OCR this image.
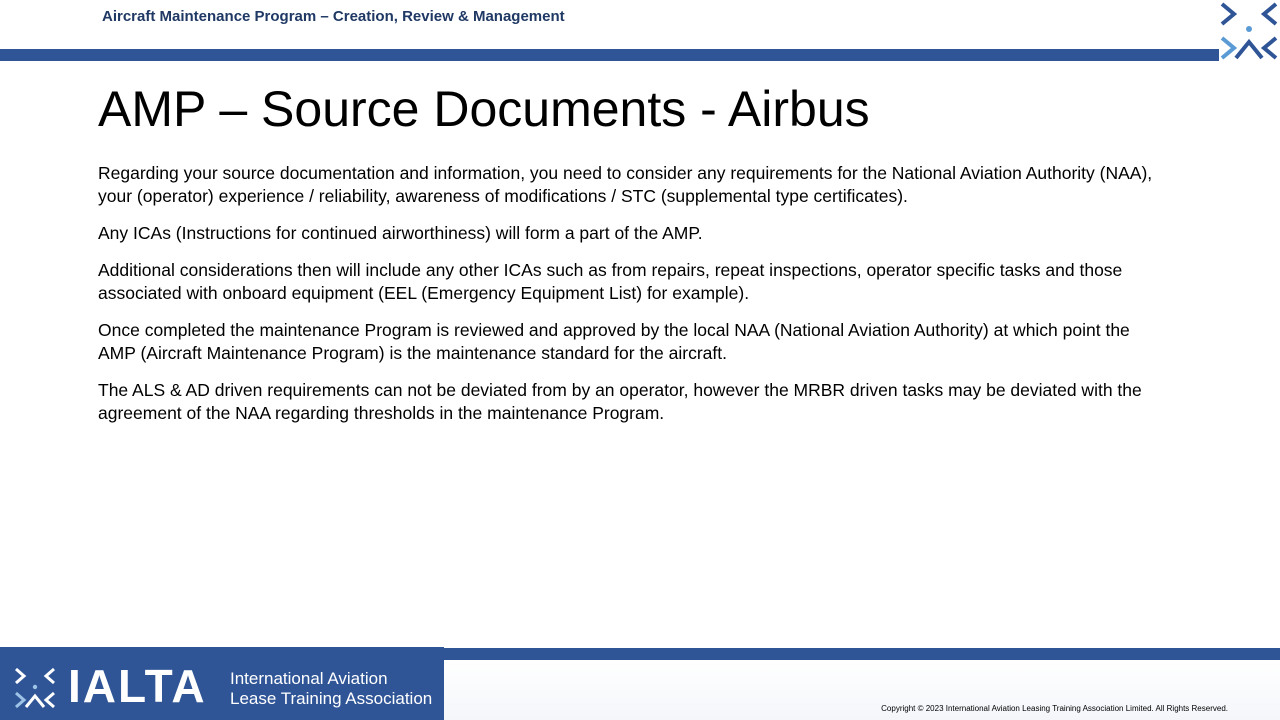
Aircraft Maintenance Program – Creation, Review & Management
AMP – Source Documents - Airbus

Regarding your source documentation and information, you need to consider any requirements for the National Aviation Authority (NAA), your (operator) experience / reliability, awareness of modifications / STC (supplemental type certificates).

Any ICAs (Instructions for continued airworthiness) will form a part of the AMP.

Additional considerations then will include any other ICAs such as from repairs, repeat inspections, operator specific tasks and those associated with onboard equipment (EEL (Emergency Equipment List) for example).

Once completed the maintenance Program is reviewed and approved by the local NAA (National Aviation Authority) at which point the AMP (Aircraft Maintenance Program) is the maintenance standard for the aircraft.

The ALS & AD driven requirements can not be deviated from by an operator, however the MRBR driven tasks may be deviated with the agreement of the NAA regarding thresholds in the maintenance Program.

IALTA International Aviation
Lease Training Association
Copyright © 2023 International Aviation Leasing Training Association Limited. All Rights Reserved.
